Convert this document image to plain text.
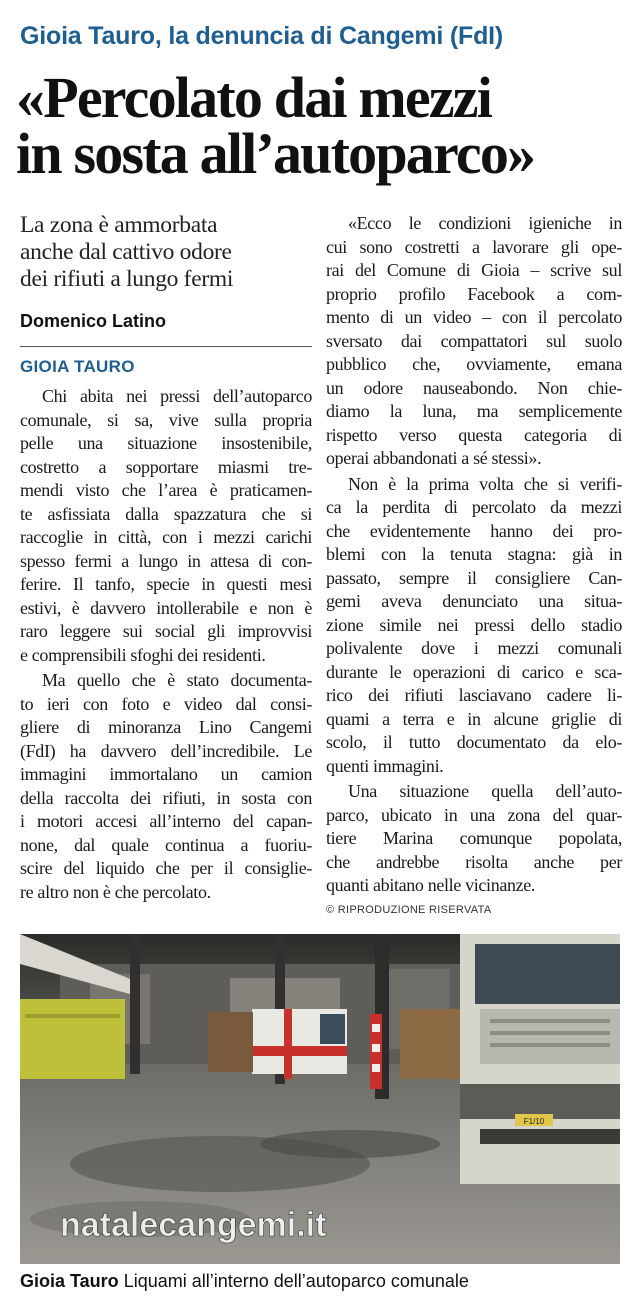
Gioia Tauro, la denuncia di Cangemi (FdI)
«Percolato dai mezzi
in sosta all’autoparco»
La zona è ammorbata
anche dal cattivo odore
dei rifiuti a lungo fermi
Domenico Latino
GIOIA TAURO
Chi abita nei pressi dell’autoparco
comunale, si sa, vive sulla propria
pelle una situazione insostenibile,
costretto a sopportare miasmi tre-
mendi visto che l’area è praticamen-
te asfissiata dalla spazzatura che si
raccoglie in città, con i mezzi carichi
spesso fermi a lungo in attesa di con-
ferire. Il tanfo, specie in questi mesi
estivi, è davvero intollerabile e non è
raro leggere sui social gli improvvisi
e comprensibili sfoghi dei residenti.
Ma quello che è stato documenta-
to ieri con foto e video dal consi-
gliere di minoranza Lino Cangemi
(FdI) ha davvero dell’incredibile. Le
immagini immortalano un camion
della raccolta dei rifiuti, in sosta con
i motori accesi all’interno del capan-
none, dal quale continua a fuoriu-
scire del liquido che per il consiglie-
re altro non è che percolato.
«Ecco le condizioni igieniche in
cui sono costretti a lavorare gli ope-
rai del Comune di Gioia – scrive sul
proprio profilo Facebook a com-
mento di un video – con il percolato
sversato dai compattatori sul suolo
pubblico che, ovviamente, emana
un odore nauseabondo. Non chie-
diamo la luna, ma semplicemente
rispetto verso questa categoria di
operai abbandonati a sé stessi».
Non è la prima volta che si verifi-
ca la perdita di percolato da mezzi
che evidentemente hanno dei pro-
blemi con la tenuta stagna: già in
passato, sempre il consigliere Can-
gemi aveva denunciato una situa-
zione simile nei pressi dello stadio
polivalente dove i mezzi comunali
durante le operazioni di carico e sca-
rico dei rifiuti lasciavano cadere li-
quami a terra e in alcune griglie di
scolo, il tutto documentato da elo-
quenti immagini.
Una situazione quella dell’auto-
parco, ubicato in una zona del quar-
tiere Marina comunque popolata,
che andrebbe risolta anche per
quanti abitano nelle vicinanze.
© RIPRODUZIONE RISERVATA
F1/10
natalecangemi.it
Gioia Tauro Liquami all’interno dell’autoparco comunale
